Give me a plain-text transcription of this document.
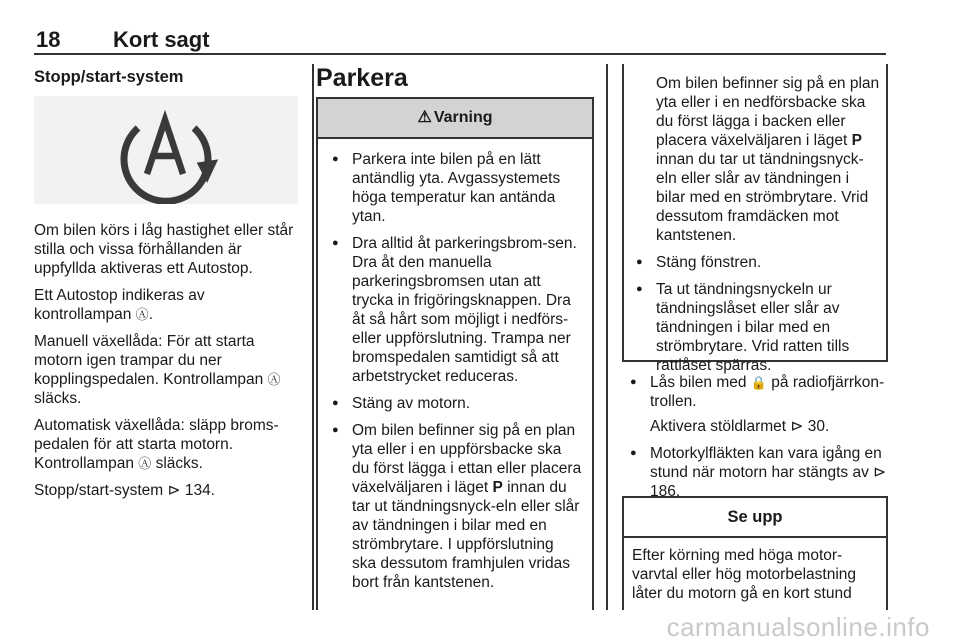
18 Kort sagt
Stopp/start-system

Om bilen körs i låg hastighet eller står stilla och vissa förhållanden är uppfyllda aktiveras ett Autostop.

Ett Autostop indikeras av kontrollampan Ⓐ.

Manuell växellåda: För att starta motorn igen trampar du ner kopplingspedalen. Kontrollampan Ⓐ släcks.

Automatisk växellåda: släpp broms-pedalen för att starta motorn. Kontrollampan Ⓐ släcks.

Stopp/start-system ⊳ 134.

Parkera
⚠ Varning
● Parkera inte bilen på en lätt antändlig yta. Avgassystemets höga temperatur kan antända ytan.
● Dra alltid åt parkeringsbrom-sen. Dra åt den manuella parkeringsbromsen utan att trycka in frigöringsknappen. Dra åt så hårt som möjligt i nedförs- eller uppförslutning. Trampa ner bromspedalen samtidigt så att arbetstrycket reduceras.
● Stäng av motorn.
● Om bilen befinner sig på en plan yta eller i en uppförsbacke ska du först lägga i ettan eller placera växelväljaren i läget P innan du tar ut tändningsnyck-eln eller slår av tändningen i bilar med en strömbrytare. I uppförslutning ska dessutom framhjulen vridas bort från kantstenen.
Om bilen befinner sig på en plan yta eller i en nedförsbacke ska du först lägga i backen eller placera växelväljaren i läget P innan du tar ut tändningsnyck-eln eller slår av tändningen i bilar med en strömbrytare. Vrid dessutom framdäcken mot kantstenen.
● Stäng fönstren.
● Ta ut tändningsnyckeln ur tändningslåset eller slår av tändningen i bilar med en strömbrytare. Vrid ratten tills rattlåset spärras.
● Lås bilen med 🔒 på radiofjärrkon-trollen.
Aktivera stöldlarmet ⊳ 30.
● Motorkylfläkten kan vara igång en stund när motorn har stängts av ⊳ 186.
Se upp
Efter körning med höga motor-varvtal eller hög motorbelastning låter du motorn gå en kort stund
carmanualsonline.info
